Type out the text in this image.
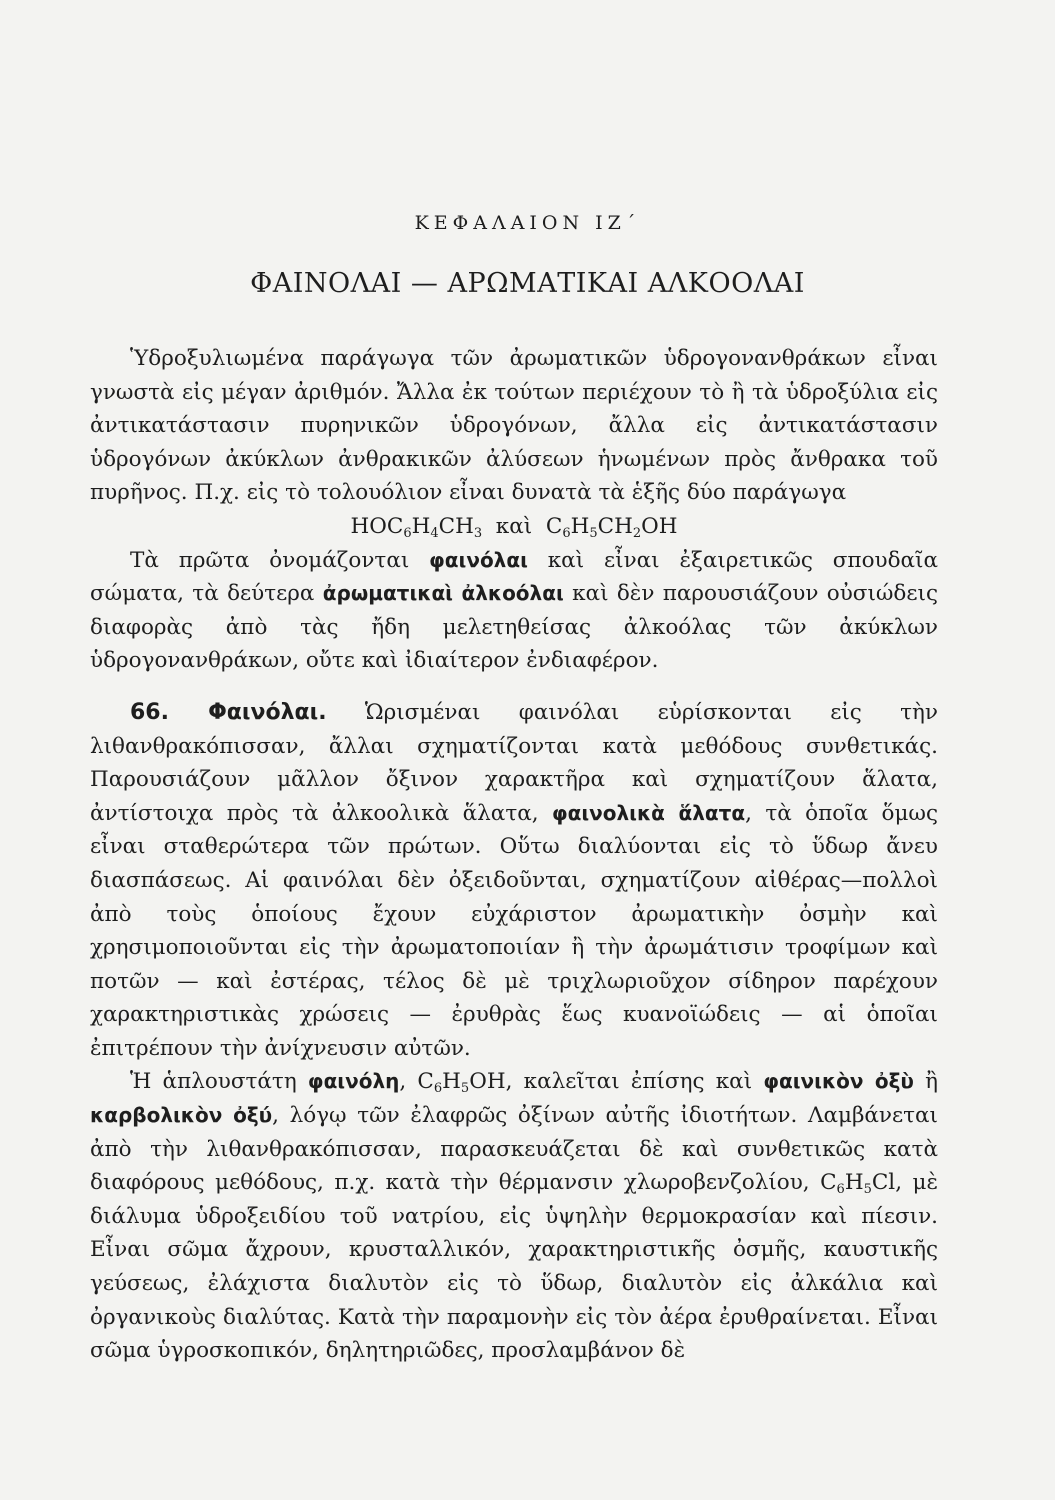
ΚΕΦΑΛΑΙΟΝ ΙΖ΄
ΦΑΙΝΟΛΑΙ — ΑΡΩΜΑΤΙΚΑΙ ΑΛΚΟΟΛΑΙ

Ὑδροξυλιωμένα παράγωγα τῶν ἀρωματικῶν ὑδρογονανθράκων εἶναι γνωστὰ εἰς μέγαν ἀριθμόν. Ἄλλα ἐκ τούτων περιέχουν τὸ ἢ τὰ ὑδροξύλια εἰς ἀντικατάστασιν πυρηνικῶν ὑδρογόνων, ἄλλα εἰς ἀντικατάστασιν ὑδρογόνων ἀκύκλων ἀνθρακικῶν ἀλύσεων ἡνωμένων πρὸς ἄνθρακα τοῦ πυρῆνος. Π.χ. εἰς τὸ τολουόλιον εἶναι δυνατὰ τὰ ἑξῆς δύο παράγωγα

$HOC_6H_4CH_3$ καὶ $C_6H_5CH_2OH$

Τὰ πρῶτα ὀνομάζονται φαινόλαι καὶ εἶναι ἐξαιρετικῶς σπουδαῖα σώματα, τὰ δεύτερα ἀρωματικαὶ ἀλκοόλαι καὶ δὲν παρουσιάζουν οὐσιώδεις διαφορὰς ἀπὸ τὰς ἤδη μελετηθείσας ἀλκοόλας τῶν ἀκύκλων ὑδρογονανθράκων, οὔτε καὶ ἰδιαίτερον ἐνδιαφέρον.

66. Φαινόλαι. Ὡρισμέναι φαινόλαι εὑρίσκονται εἰς τὴν λιθανθρακόπισσαν, ἄλλαι σχηματίζονται κατὰ μεθόδους συνθετικάς. Παρουσιάζουν μᾶλλον ὄξινον χαρακτῆρα καὶ σχηματίζουν ἅλατα, ἀντίστοιχα πρὸς τὰ ἀλκοολικὰ ἅλατα, φαινολικὰ ἅλατα, τὰ ὁποῖα ὅμως εἶναι σταθερώτερα τῶν πρώτων. Οὕτω διαλύονται εἰς τὸ ὕδωρ ἄνευ διασπάσεως. Αἱ φαινόλαι δὲν ὀξειδοῦνται, σχηματίζουν αἰθέρας—πολλοὶ ἀπὸ τοὺς ὁποίους ἔχουν εὐχάριστον ἀρωματικὴν ὀσμὴν καὶ χρησιμοποιοῦνται εἰς τὴν ἀρωματοποιίαν ἢ τὴν ἀρωμάτισιν τροφίμων καὶ ποτῶν — καὶ ἐστέρας, τέλος δὲ μὲ τριχλωριοῦχον σίδηρον παρέχουν χαρακτηριστικὰς χρώσεις — ἐρυθρὰς ἕως κυανοϊώδεις — αἱ ὁποῖαι ἐπιτρέπουν τὴν ἀνίχνευσιν αὐτῶν.

Ἡ ἁπλουστάτη φαινόλη, $C_6H_5OH$, καλεῖται ἐπίσης καὶ φαινικὸν ὀξὺ ἢ καρβολικὸν ὀξύ, λόγῳ τῶν ἐλαφρῶς ὀξίνων αὐτῆς ἰδιοτήτων. Λαμβάνεται ἀπὸ τὴν λιθανθρακόπισσαν, παρασκευάζεται δὲ καὶ συνθετικῶς κατὰ διαφόρους μεθόδους, π.χ. κατὰ τὴν θέρμανσιν χλωροβενζολίου, $C_6H_5Cl$, μὲ διάλυμα ὑδροξειδίου τοῦ νατρίου, εἰς ὑψηλὴν θερμοκρασίαν καὶ πίεσιν. Εἶναι σῶμα ἄχρουν, κρυσταλλικόν, χαρακτηριστικῆς ὀσμῆς, καυστικῆς γεύσεως, ἐλάχιστα διαλυτὸν εἰς τὸ ὕδωρ, διαλυτὸν εἰς ἀλκάλια καὶ ὀργανικοὺς διαλύτας. Κατὰ τὴν παραμονὴν εἰς τὸν ἀέρα ἐρυθραίνεται. Εἶναι σῶμα ὑγροσκοπικόν, δηλητηριῶδες, προσλαμβάνον δὲ
